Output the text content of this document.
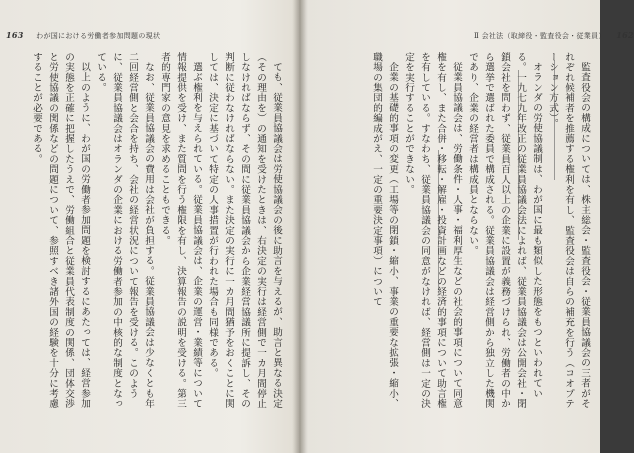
163 わが国における労働者参加問題の現状

ても、従業員協議会は労使協議会の後に助言を与えるが、助言と異なる決定（その理由を）の通知を受けたときは、右決定の実行は経営側で一カ月間停止しなければならず、その間に従業員協議会から企業経営協議所に提訴し、その判断に従わなければならない。また決定の実行に一カ月間猶予をおくことに関しては、決定に基づいて特定の人事措置が行われた場合も同様である。

選ぶ権利を与えられている。従業員協議会は、企業の運営・業績等について情報提供を受け、また質問を行う権限を有し、決算報告の説明を受ける。第三者的専門家の意見を求めることもできる。

なお、従業員協議会の費用は会社が負担する。従業員協議会は少なくとも年二回経営側と会合を持ち、会社の経営状況について報告を受ける。このように、従業員協議会はオランダの企業における労働者参加の中核的な制度となっている。

以上のように、わが国の労働者参加問題を検討するにあたっては、経営参加の実態を正確に把握したうえで、労働組合と従業員代表制度の関係、団体交渉と労使協議の関係などの問題について、参照すべき諸外国の経験を十分に考慮することが必要である。

Ⅱ 会社法（取締役・監査役会・従業員） 162

監査役会の構成については、株主総会・監査役会・従業員協議会の三者がそれぞれ候補者を推薦する権利を有し、監査役会は自らの補充を行う（コオプテーション方式）。

オランダの労使協議制は、わが国に最も類似した形態をもつといわれている。一九七九年改正の従業員協議会法によれば、従業員協議会は公開会社・閉鎖会社を問わず、従業員百人以上の企業に設置が義務づけられ、労働者の中から選挙で選ばれた委員で構成される。従業員協議会は経営側から独立した機関であり、企業の経営者は構成員とならない。

従業員協議会は、労働条件・人事・福利厚生などの社会的事項について同意権を有し、また合併・移転・解雇・投資計画などの経済的事項について助言権を有している。すなわち、従業員協議会の同意がなければ、経営側は一定の決定を実行することができない。

企業の基礎的事項の変更（工場等の閉鎖・縮小、事業の重要な拡張・縮小、職場の集団的編成がえ、一定の重要決定事項）について
